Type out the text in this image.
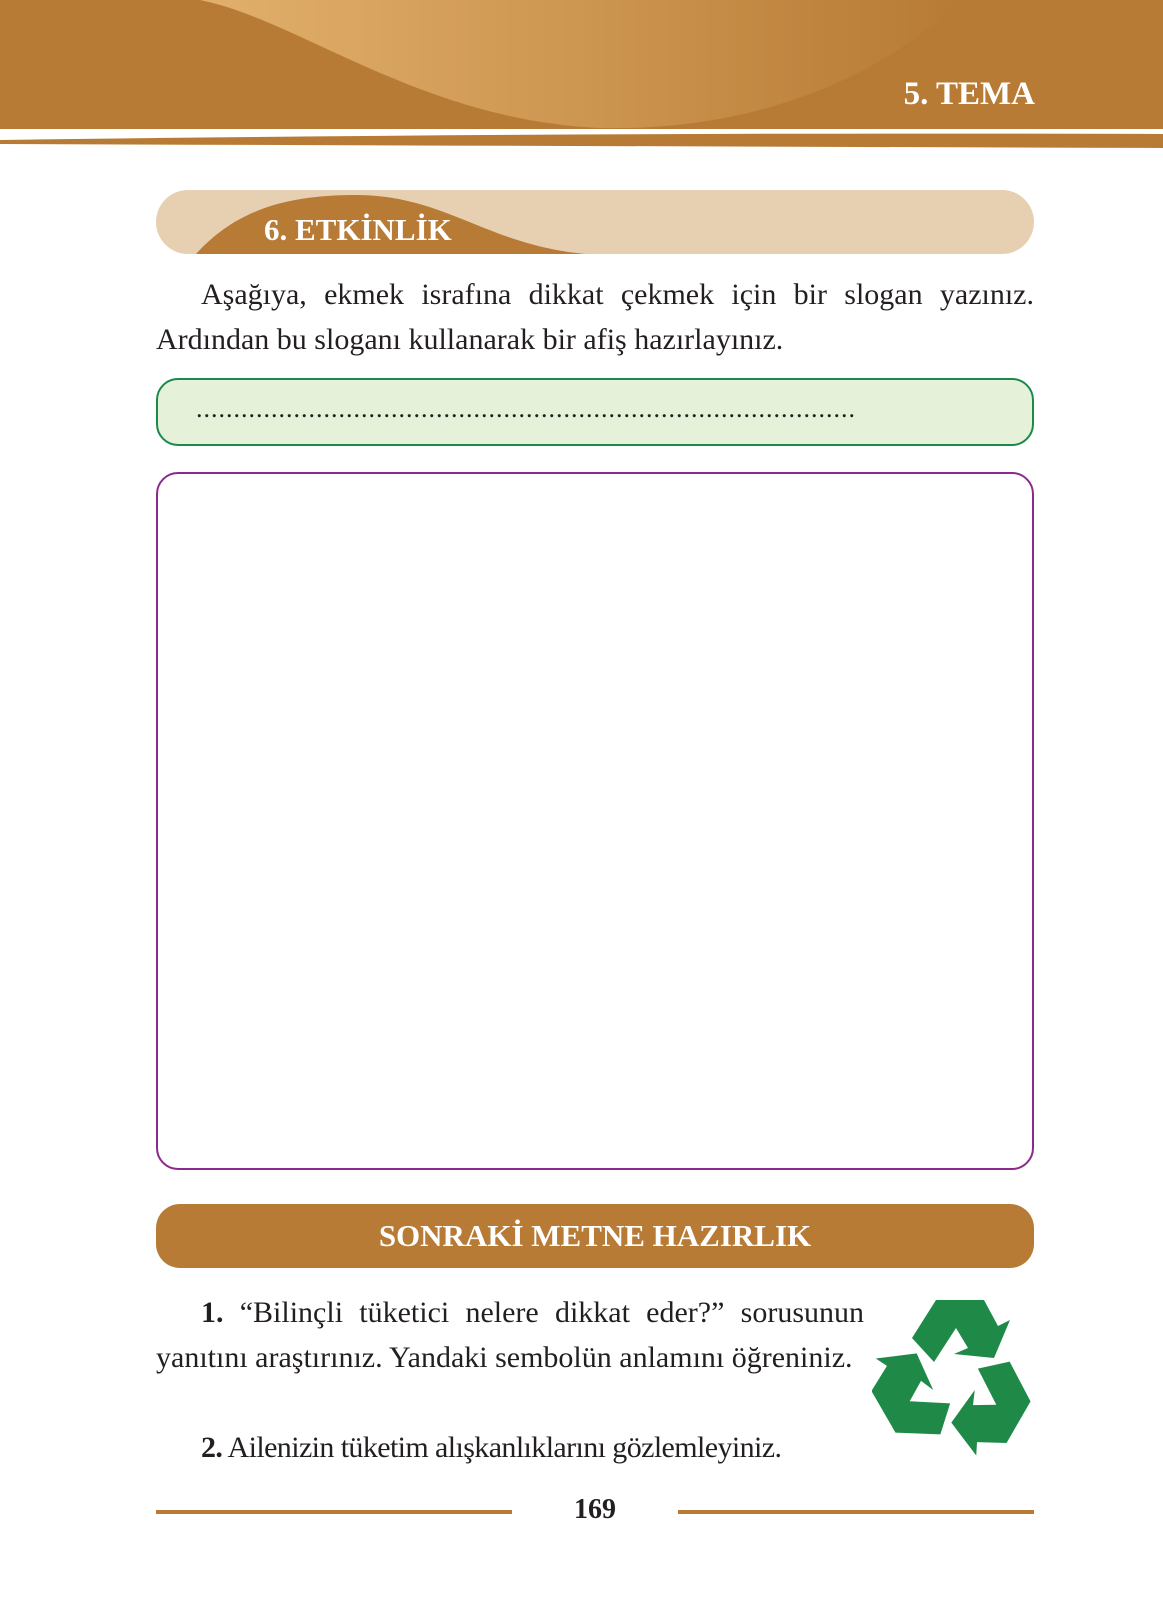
5. TEMA
6. ETKİNLİK
Aşağıya, ekmek israfına dikkat çekmek için bir slogan yazınız. Ardından bu sloganı kullanarak bir afiş hazırlayınız.
........................................................................................
SONRAKİ METNE HAZIRLIK
1. “Bilinçli tüketici nelere dikkat eder?” sorusunun yanıtını araştırınız. Yandaki sembolün anlamını öğreniniz.
2. Ailenizin tüketim alışkanlıklarını gözlemleyiniz.
169
